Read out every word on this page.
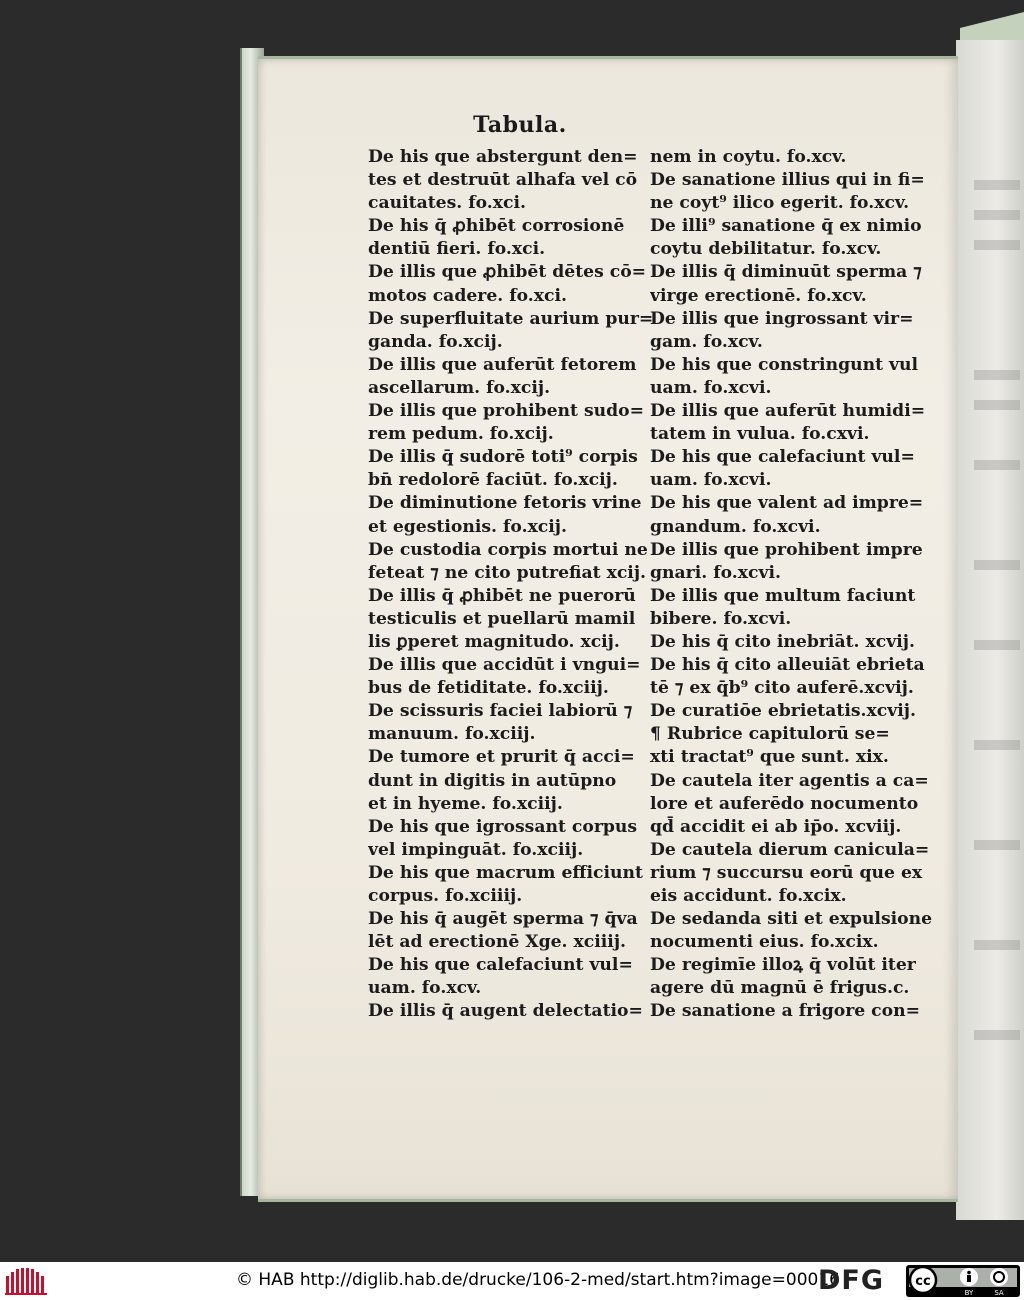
Tabula.
De his que abstergunt den=
tes et destruūt alhafa vel cō
cauitates. fo.xci.
De his q̄ ꝓhibēt corrosionē
dentiū fieri. fo.xci.
De illis que ꝓhibēt dētes cō=
motos cadere. fo.xci.
De superfluitate aurium pur=
ganda. fo.xcij.
De illis que auferūt fetorem
ascellarum. fo.xcij.
De illis que prohibent sudo=
rem pedum. fo.xcij.
De illis q̄ sudorē toti⁹ corpis
bn̄ redolorē faciūt. fo.xcij.
De diminutione fetoris vrine
et egestionis. fo.xcij.
De custodia corpis mortui ne
feteat ⁊ ne cito putrefiat xcij.
De illis q̄ ꝓhibēt ne puerorū
testiculis et puellarū mamil
lis ꝑperet magnitudo. xcij.
De illis que accidūt i vngui=
bus de fetiditate. fo.xciij.
De scissuris faciei labiorū ⁊
manuum. fo.xciij.
De tumore et prurit q̄ acci=
dunt in digitis in autūpno
et in hyeme. fo.xciij.
De his que igrossant corpus
vel impinguāt. fo.xciij.
De his que macrum efficiunt
corpus. fo.xciiij.
De his q̄ augēt sperma ⁊ q̄va
lēt ad erectionē Xge. xciiij.
De his que calefaciunt vul=
uam. fo.xcv.
De illis q̄ augent delectatio=
nem in coytu. fo.xcv.
De sanatione illius qui in fi=
ne coyt⁹ ilico egerit. fo.xcv.
De illi⁹ sanatione q̄ ex nimio
coytu debilitatur. fo.xcv.
De illis q̄ diminuūt sperma ⁊
virge erectionē. fo.xcv.
De illis que ingrossant vir=
gam. fo.xcv.
De his que constringunt vul
uam. fo.xcvi.
De illis que auferūt humidi=
tatem in vulua. fo.cxvi.
De his que calefaciunt vul=
uam. fo.xcvi.
De his que valent ad impre=
gnandum. fo.xcvi.
De illis que prohibent impre
gnari. fo.xcvi.
De illis que multum faciunt
bibere. fo.xcvi.
De his q̄ cito inebriāt. xcvij.
De his q̄ cito alleuiāt ebrieta
tē ⁊ ex q̄b⁹ cito auferē.xcvij.
De curatiōe ebrietatis.xcvij.
¶ Rubrice capitulorū se=
xti tractat⁹ que sunt. xix.
De cautela iter agentis a ca=
lore et auferēdo nocumento
qd̄ accidit ei ab ip̄o. xcviij.
De cautela dierum canicula=
rium ⁊ succursu eorū que ex
eis accidunt. fo.xcix.
De sedanda siti et expulsione
nocumenti eius. fo.xcix.
De regimīe illoꝝ q̄ volūt iter
agere dū magnū ē frigus.c.
De sanatione a frigore con=
© HAB http://diglib.hab.de/drucke/106-2-med/start.htm?image=00016
DFG cc
BY	SA
